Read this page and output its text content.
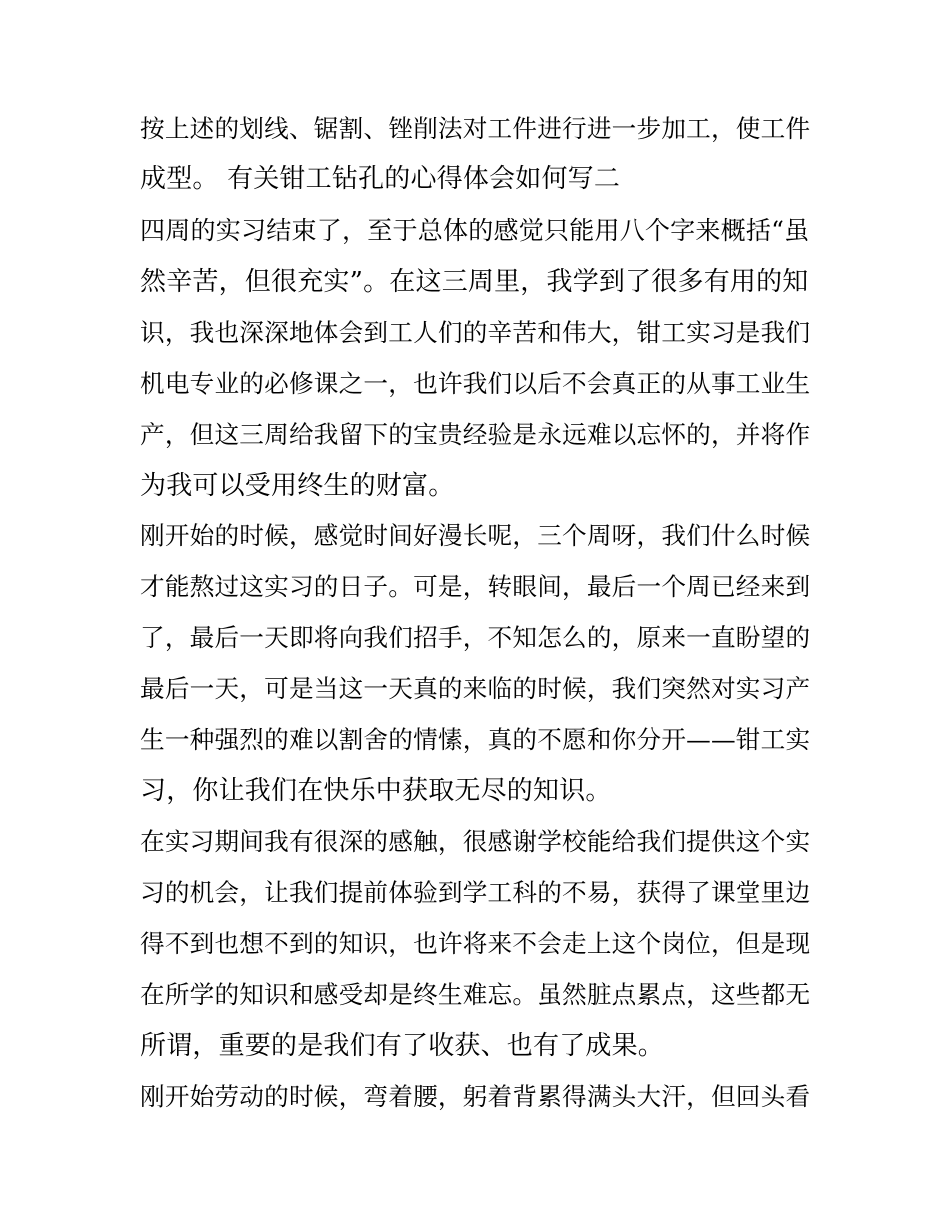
按上述的划线、锯割、锉削法对工件进行进一步加工，使工件
成型。 有关钳工钻孔的心得体会如何写二
四周的实习结束了，至于总体的感觉只能用八个字来概括“虽
然辛苦，但很充实”。在这三周里，我学到了很多有用的知
识，我也深深地体会到工人们的辛苦和伟大，钳工实习是我们
机电专业的必修课之一，也许我们以后不会真正的从事工业生
产，但这三周给我留下的宝贵经验是永远难以忘怀的，并将作
为我可以受用终生的财富。
刚开始的时候，感觉时间好漫长呢，三个周呀，我们什么时候
才能熬过这实习的日子。可是，转眼间，最后一个周已经来到
了，最后一天即将向我们招手，不知怎么的，原来一直盼望的
最后一天，可是当这一天真的来临的时候，我们突然对实习产
生一种强烈的难以割舍的情愫，真的不愿和你分开——钳工实
习，你让我们在快乐中获取无尽的知识。
在实习期间我有很深的感触，很感谢学校能给我们提供这个实
习的机会，让我们提前体验到学工科的不易，获得了课堂里边
得不到也想不到的知识，也许将来不会走上这个岗位，但是现
在所学的知识和感受却是终生难忘。虽然脏点累点，这些都无
所谓，重要的是我们有了收获、也有了成果。
刚开始劳动的时候，弯着腰，躬着背累得满头大汗，但回头看
